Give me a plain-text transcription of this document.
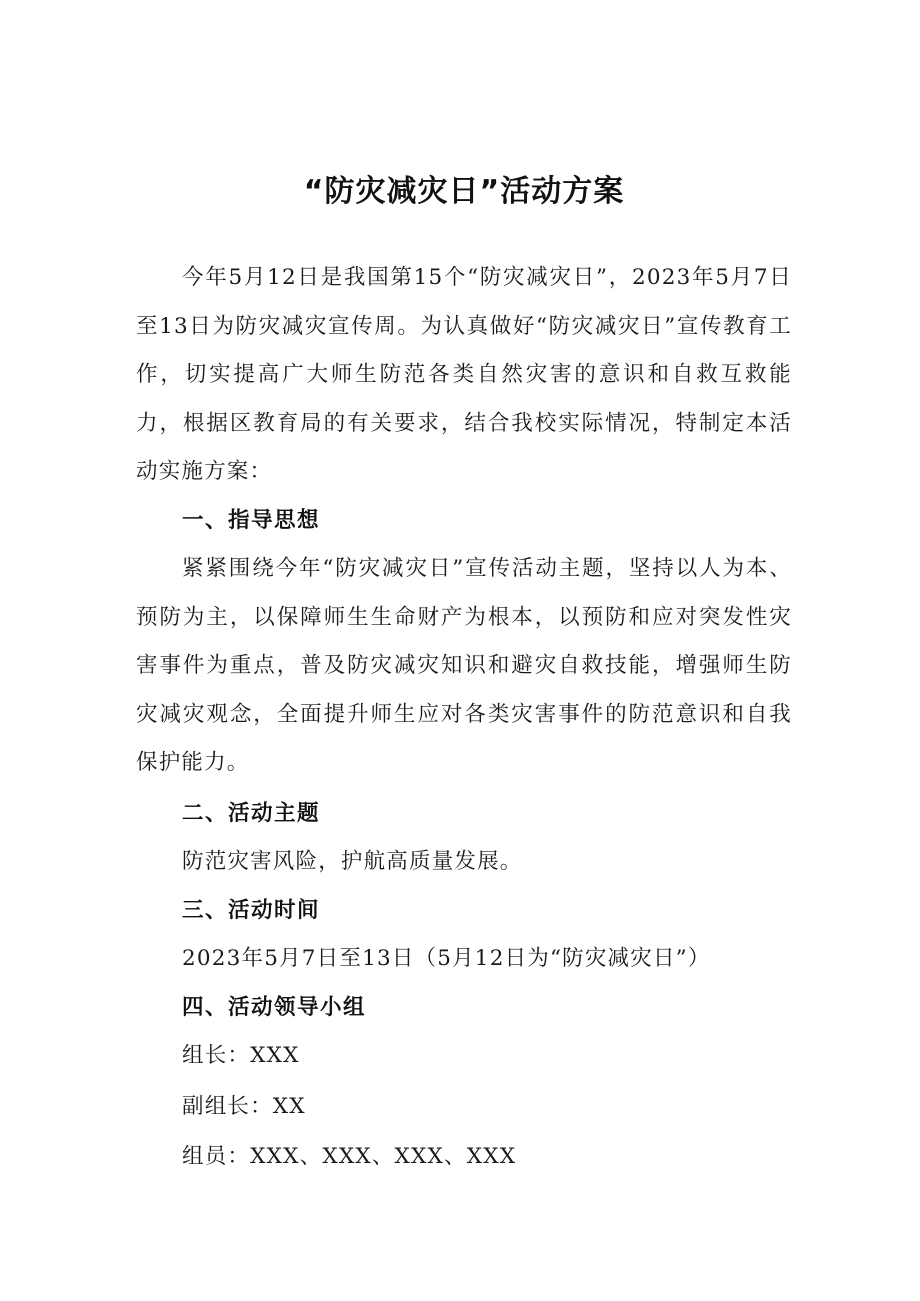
“防灾减灾日”活动方案
今年5月12日是我国第15个“防灾减灾日”，2023年5月7日至13日为防灾减灾宣传周。为认真做好“防灾减灾日”宣传教育工作，切实提高广大师生防范各类自然灾害的意识和自救互救能力，根据区教育局的有关要求，结合我校实际情况，特制定本活动实施方案：
一、指导思想
紧紧围绕今年“防灾减灾日”宣传活动主题，坚持以人为本、预防为主，以保障师生生命财产为根本，以预防和应对突发性灾害事件为重点，普及防灾减灾知识和避灾自救技能，增强师生防灾减灾观念，全面提升师生应对各类灾害事件的防范意识和自我保护能力。
二、活动主题
防范灾害风险，护航高质量发展。
三、活动时间
2023年5月7日至13日（5月12日为“防灾减灾日”）
四、活动领导小组
组长：XXX
副组长：XX
组员：XXX、XXX、XXX、XXX
